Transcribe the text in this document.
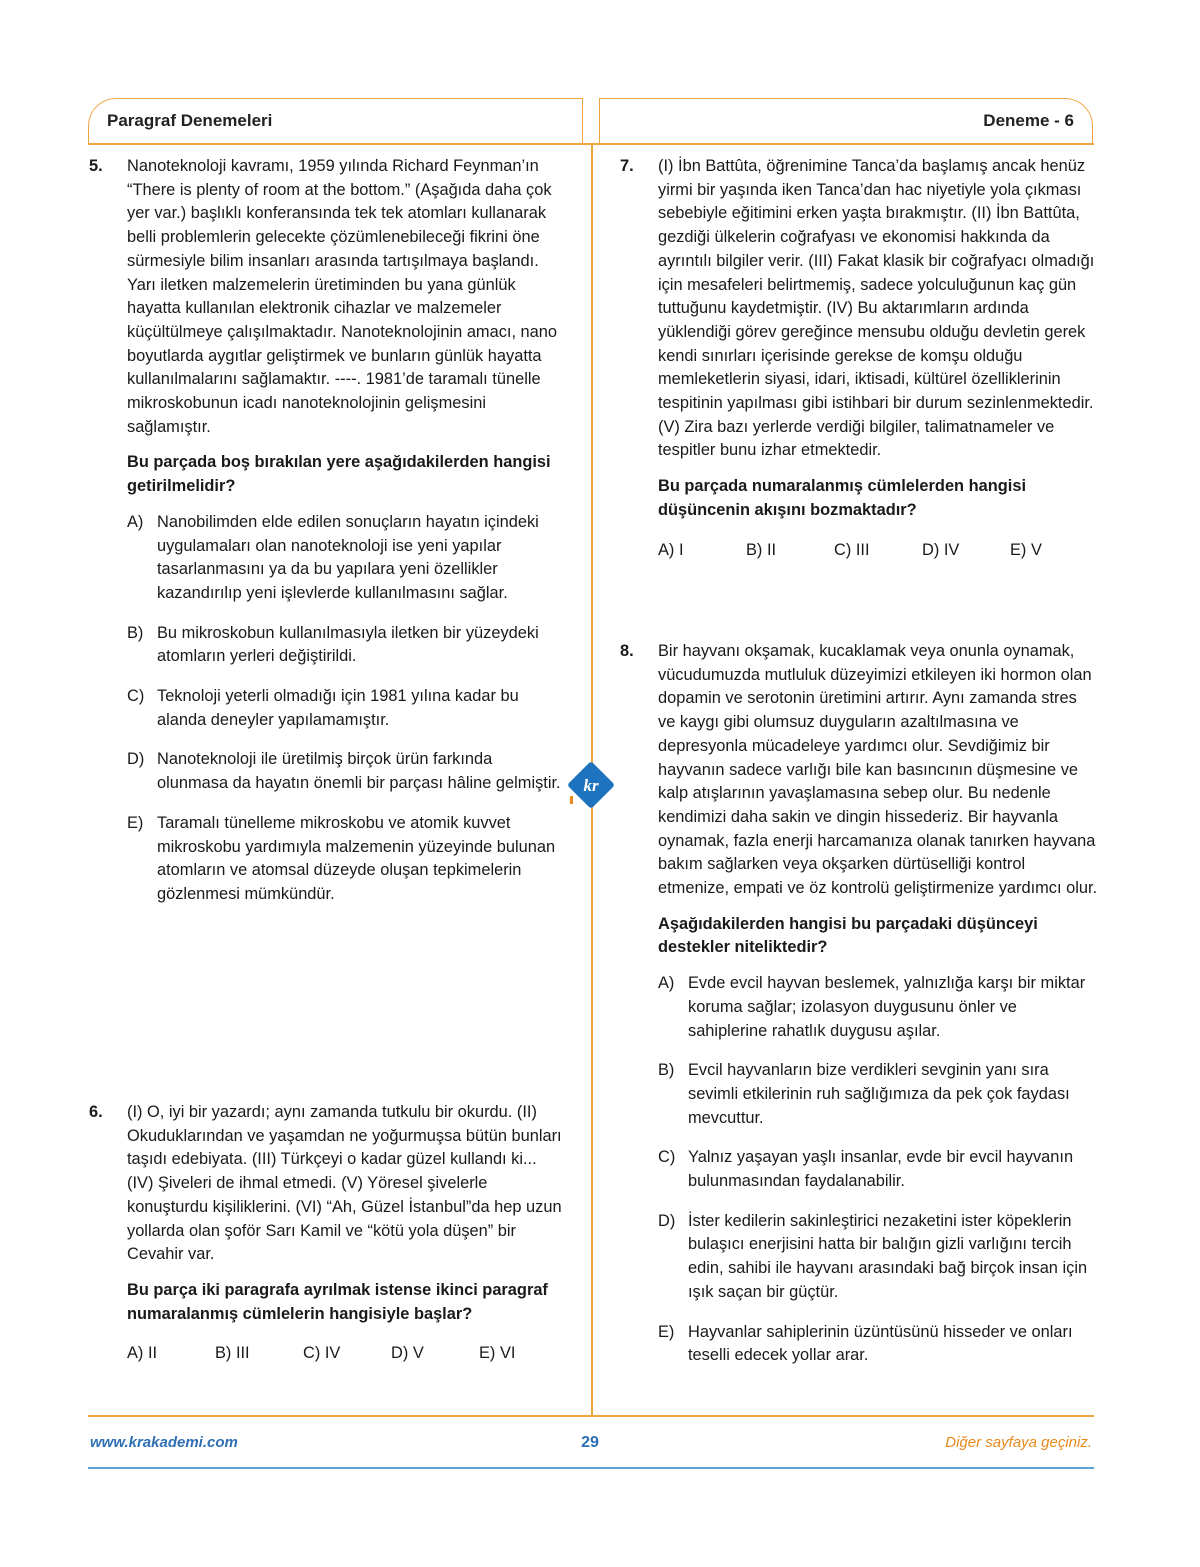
Paragraf Denemeleri	Deneme - 6
5. Nanoteknoloji kavramı, 1959 yılında Richard Feynman’ın “There is plenty of room at the bottom.” (Aşağıda daha çok yer var.) başlıklı konferansında tek tek atomları kullanarak belli problemlerin gelecekte çözümlenebileceği fikrini öne sürmesiyle bilim insanları arasında tartışılmaya başlandı. Yarı iletken malzemelerin üretiminden bu yana günlük hayatta kullanılan elektronik cihazlar ve malzemeler küçültülmeye çalışılmaktadır. Nanoteknolojinin amacı, nano boyutlarda aygıtlar geliştirmek ve bunların günlük hayatta kullanılmalarını sağlamaktır. ----. 1981’de taramalı tünelle mikroskobunun icadı nanoteknolojinin gelişmesini sağlamıştır.

Bu parçada boş bırakılan yere aşağıdakilerden hangisi getirilmelidir?

A) Nanobilimden elde edilen sonuçların hayatın içindeki uygulamaları olan nanoteknoloji ise yeni yapılar tasarlanmasını ya da bu yapılara yeni özellikler kazandırılıp yeni işlevlerde kullanılmasını sağlar.
B) Bu mikroskobun kullanılmasıyla iletken bir yüzeydeki atomların yerleri değiştirildi.
C) Teknoloji yeterli olmadığı için 1981 yılına kadar bu alanda deneyler yapılamamıştır.
D) Nanoteknoloji ile üretilmiş birçok ürün farkında olunmasa da hayatın önemli bir parçası hâline gelmiştir.
E) Taramalı tünelleme mikroskobu ve atomik kuvvet mikroskobu yardımıyla malzemenin yüzeyinde bulunan atomların ve atomsal düzeyde oluşan tepkimelerin gözlenmesi mümkündür.
6. (I) O, iyi bir yazardı; aynı zamanda tutkulu bir okurdu. (II) Okuduklarından ve yaşamdan ne yoğurmuşsa bütün bunları taşıdı edebiyata. (III) Türkçeyi o kadar güzel kullandı ki... (IV) Şiveleri de ihmal etmedi. (V) Yöresel şivelerle konuşturdu kişiliklerini. (VI) “Ah, Güzel İstanbul”da hep uzun yollarda olan şoför Sarı Kamil ve “kötü yola düşen” bir Cevahir var.

Bu parça iki paragrafa ayrılmak istense ikinci paragraf numaralanmış cümlelerin hangisiyle başlar?

A) II	B) III	C) IV	D) V	E) VI
7. (I) İbn Battûta, öğrenimine Tanca’da başlamış ancak henüz yirmi bir yaşında iken Tanca’dan hac niyetiyle yola çıkması sebebiyle eğitimini erken yaşta bırakmıştır. (II) İbn Battûta, gezdiği ülkelerin coğrafyası ve ekonomisi hakkında da ayrıntılı bilgiler verir. (III) Fakat klasik bir coğrafyacı olmadığı için mesafeleri belirtmemiş, sadece yolculuğunun kaç gün tuttuğunu kaydetmiştir. (IV) Bu aktarımların ardında yüklendiği görev gereğince mensubu olduğu devletin gerek kendi sınırları içerisinde gerekse de komşu olduğu memleketlerin siyasi, idari, iktisadi, kültürel özelliklerinin tespitinin yapılması gibi istihbari bir durum sezinlenmektedir. (V) Zira bazı yerlerde verdiği bilgiler, talimatnameler ve tespitler bunu izhar etmektedir.

Bu parçada numaralanmış cümlelerden hangisi düşüncenin akışını bozmaktadır?

A) I	B) II	C) III	D) IV	E) V
kr
8. Bir hayvanı okşamak, kucaklamak veya onunla oynamak, vücudumuzda mutluluk düzeyimizi etkileyen iki hormon olan dopamin ve serotonin üretimini artırır. Aynı zamanda stres ve kaygı gibi olumsuz duyguların azaltılmasına ve depresyonla mücadeleye yardımcı olur. Sevdiğimiz bir hayvanın sadece varlığı bile kan basıncının düşmesine ve kalp atışlarının yavaşlamasına sebep olur. Bu nedenle kendimizi daha sakin ve dingin hissederiz. Bir hayvanla oynamak, fazla enerji harcamanıza olanak tanırken hayvana bakım sağlarken veya okşarken dürtüselliği kontrol etmenize, empati ve öz kontrolü geliştirmenize yardımcı olur.

Aşağıdakilerden hangisi bu parçadaki düşünceyi destekler niteliktedir?

A) Evde evcil hayvan beslemek, yalnızlığa karşı bir miktar koruma sağlar; izolasyon duygusunu önler ve sahiplerine rahatlık duygusu aşılar.
B) Evcil hayvanların bize verdikleri sevginin yanı sıra sevimli etkilerinin ruh sağlığımıza da pek çok faydası mevcuttur.
C) Yalnız yaşayan yaşlı insanlar, evde bir evcil hayvanın bulunmasından faydalanabilir.
D) İster kedilerin sakinleştirici nezaketini ister köpeklerin bulaşıcı enerjisini hatta bir balığın gizli varlığını tercih edin, sahibi ile hayvanı arasındaki bağ birçok insan için ışık saçan bir güçtür.
E) Hayvanlar sahiplerinin üzüntüsünü hisseder ve onları teselli edecek yollar arar.
www.krakademi.com	29	Diğer sayfaya geçiniz.
